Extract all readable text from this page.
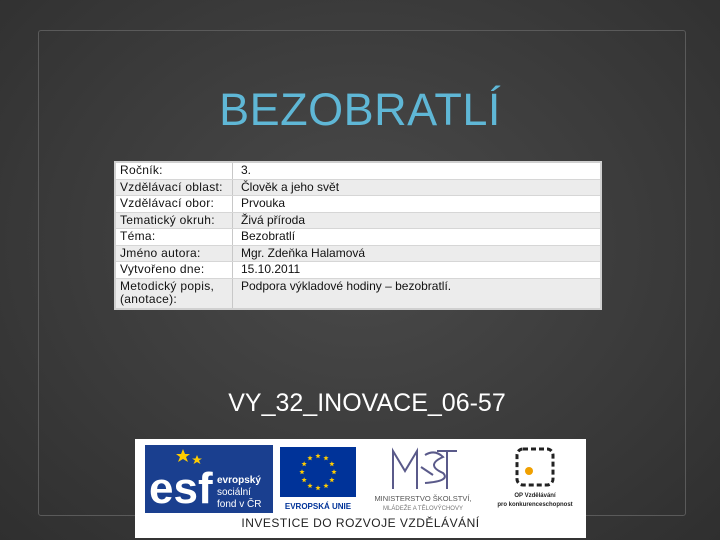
BEZOBRATLÍ
Ročník:	3.
Vzdělávací oblast:	Člověk a jeho svět
Vzdělávací obor:	Prvouka
Tematický okruh:	Živá příroda
Téma:	Bezobratlí
Jméno autora:	Mgr. Zdeňka Halamová
Vytvořeno dne:	15.10.2011
Metodický popis, (anotace):	Podpora výkladové hodiny – bezobratlí.
VY_32_INOVACE_06-57
esf evropský
sociální
fond v ČR	EVROPSKÁ UNIE
MINISTERSTVO ŠKOLSTVÍ,
MLÁDEŽE A TĚLOVÝCHOVY
OP Vzdělávání
pro konkurenceschopnost
INVESTICE DO ROZVOJE VZDĚLÁVÁNÍ
